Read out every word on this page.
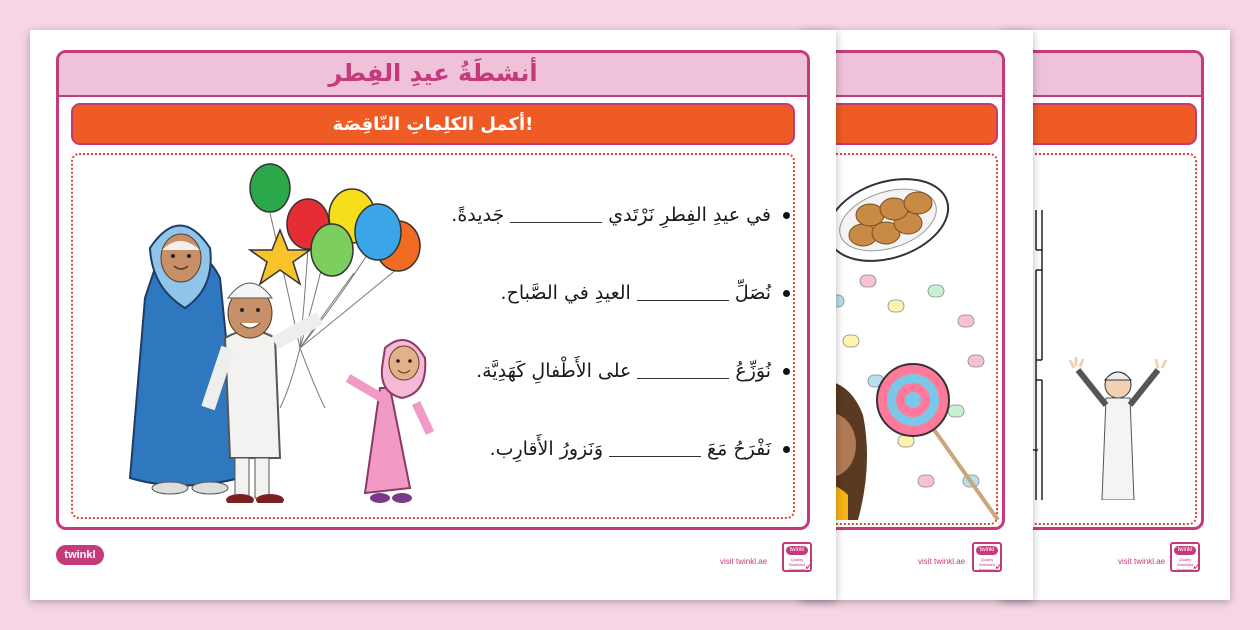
visit twinkl.ae
twinkl
Quality Standard Approved
✓
visit twinkl.ae
twinkl
Quality Standard Approved
✓
أنشطَةُ عيدِ الفِطر
أكمل الكلِماتِ النّاقِصَة!
في عيدِ الفِطرِ نَرْتَدي
جَديدةً.
نُصَلِّ
العيدِ في الصَّباح.
نُوَزِّعُ
على الأَطْفالِ كَهَدِيَّة.
نَفْرَحُ مَعَ
وَنَزورُ الأَقارِب.
twinkl
visit twinkl.ae
twinkl
Quality Standard Approved
✓
